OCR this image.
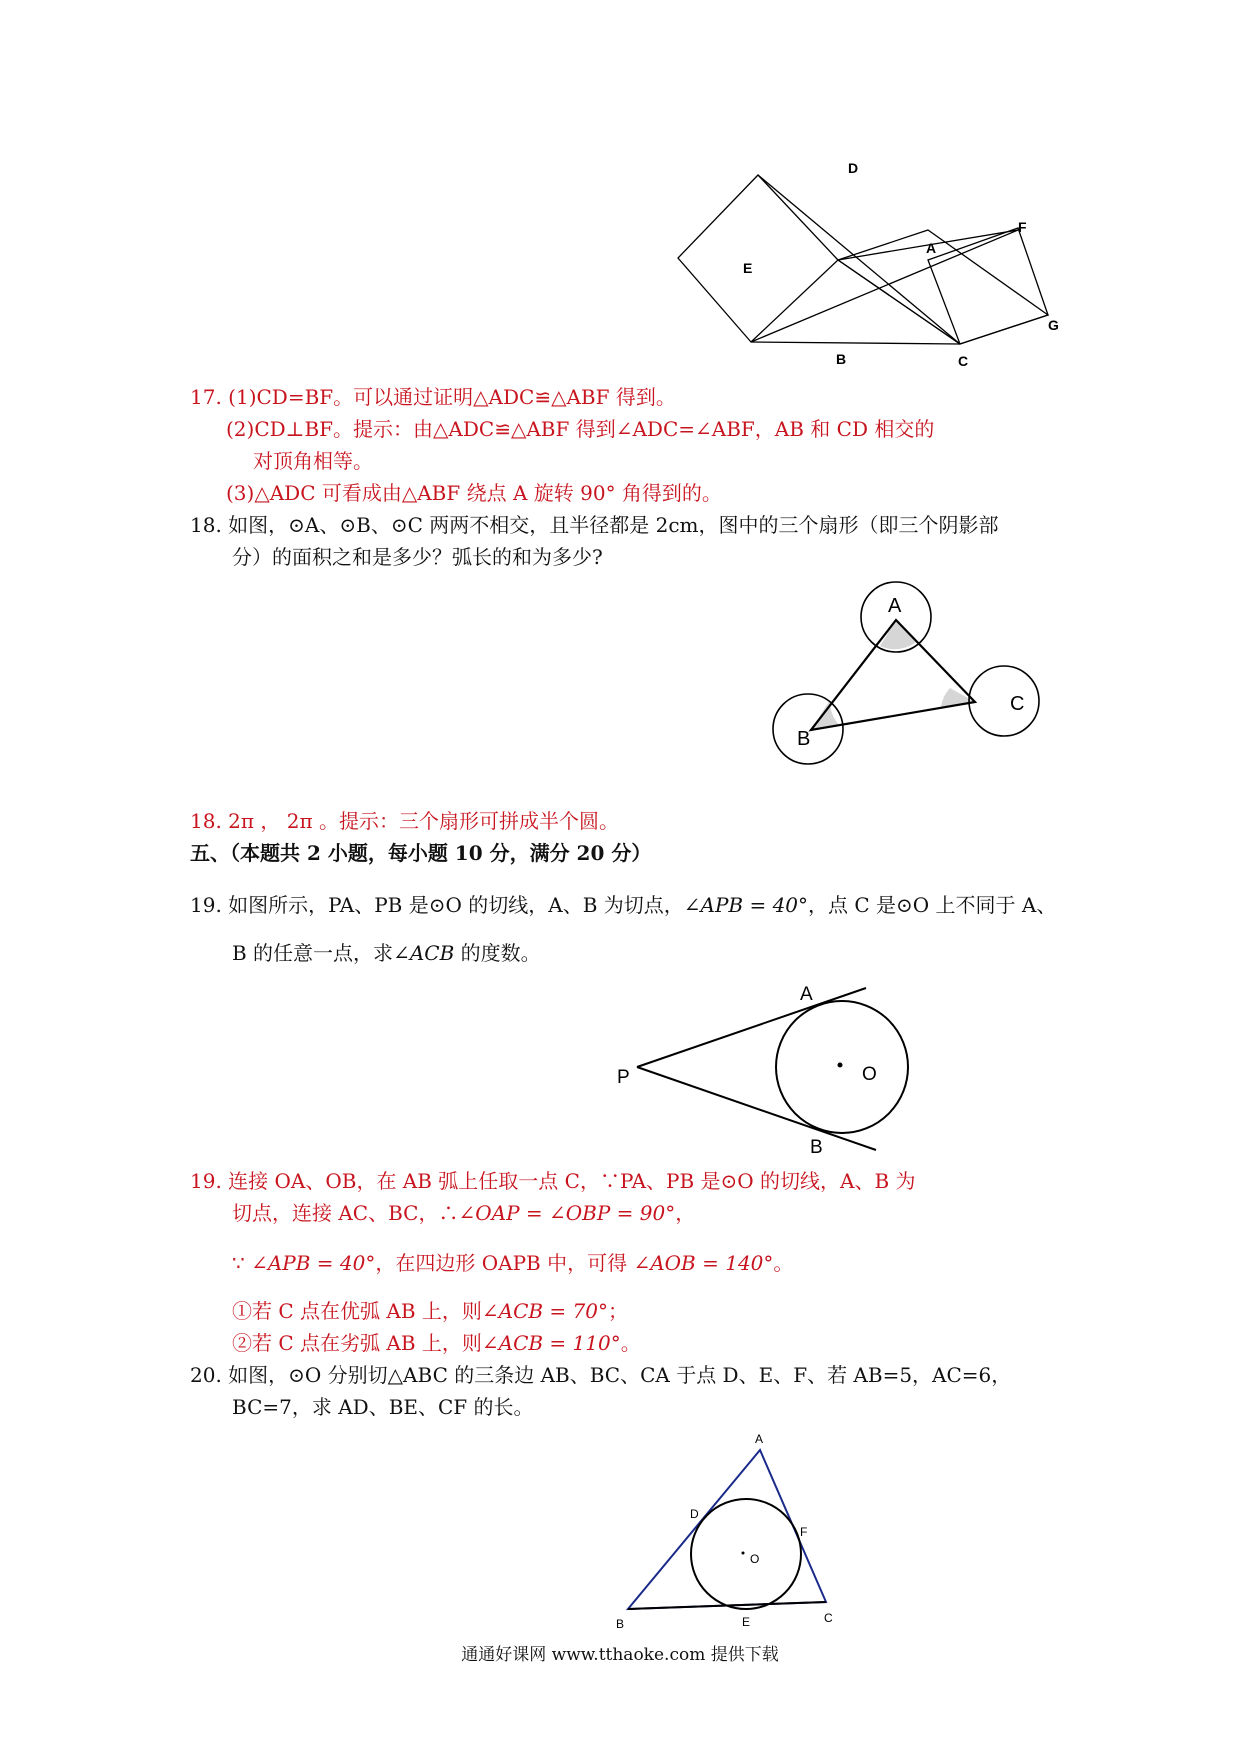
D
E
A
F
G
B	C
17. (1)CD=BF。可以通过证明△ADC≌△ABF 得到。
(2)CD⊥BF。提示：由△ADC≌△ABF 得到∠ADC=∠ABF，AB 和 CD 相交的
对顶角相等。
(3)△ADC 可看成由△ABF 绕点 A 旋转 90° 角得到的。
18. 如图，⊙A、⊙B、⊙C 两两不相交，且半径都是 2cm，图中的三个扇形（即三个阴影部
分）的面积之和是多少？弧长的和为多少?
A
B
C
18. 2π ， 2π 。提示：三个扇形可拼成半个圆。
五、（本题共 2 小题，每小题 10 分，满分 20 分）
19. 如图所示，PA、PB 是⊙O 的切线，A、B 为切点，∠APB = 40°，点 C 是⊙O 上不同于 A、
B 的任意一点，求∠ACB 的度数。
A
P	O
B
19. 连接 OA、OB，在 AB 弧上任取一点 C，∵PA、PB 是⊙O 的切线，A、B 为
切点，连接 AC、BC，∴∠OAP = ∠OBP = 90°，
∵ ∠APB = 40°，在四边形 OAPB 中，可得 ∠AOB = 140°。
①若 C 点在优弧 AB 上，则∠ACB = 70°；
②若 C 点在劣弧 AB 上，则∠ACB = 110°。
20. 如图，⊙O 分别切△ABC 的三条边 AB、BC、CA 于点 D、E、F、若 AB=5，AC=6，
BC=7，求 AD、BE、CF 的长。
A
D
F
O
B	E	C
通通好课网 www.tthaoke.com 提供下载
